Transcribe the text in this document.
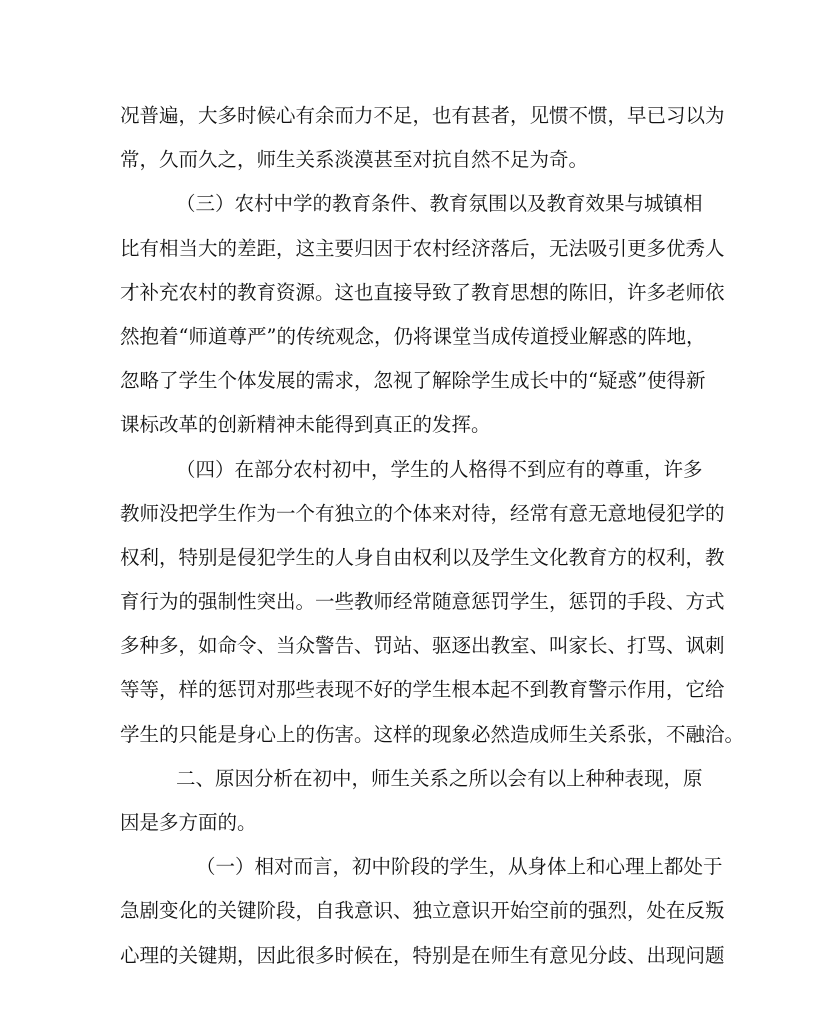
况普遍，大多时候心有余而力不足，也有甚者，见惯不惯，早已习以为
常，久而久之，师生关系淡漠甚至对抗自然不足为奇。
（三）农村中学的教育条件、教育氛围以及教育效果与城镇相
比有相当大的差距，这主要归因于农村经济落后，无法吸引更多优秀人
才补充农村的教育资源。这也直接导致了教育思想的陈旧，许多老师依
然抱着“师道尊严”的传统观念，仍将课堂当成传道授业解惑的阵地，
忽略了学生个体发展的需求，忽视了解除学生成长中的“疑惑”使得新
课标改革的创新精神未能得到真正的发挥。
（四）在部分农村初中，学生的人格得不到应有的尊重，许多
教师没把学生作为一个有独立的个体来对待，经常有意无意地侵犯学的
权利，特别是侵犯学生的人身自由权利以及学生文化教育方的权利，教
育行为的强制性突出。一些教师经常随意惩罚学生，惩罚的手段、方式
多种多，如命令、当众警告、罚站、驱逐出教室、叫家长、打骂、讽刺
等等，样的惩罚对那些表现不好的学生根本起不到教育警示作用，它给
学生的只能是身心上的伤害。这样的现象必然造成师生关系张，不融洽。
二、原因分析在初中，师生关系之所以会有以上种种表现，原
因是多方面的。
（一）相对而言，初中阶段的学生，从身体上和心理上都处于
急剧变化的关键阶段，自我意识、独立意识开始空前的强烈，处在反叛
心理的关键期，因此很多时候在，特别是在师生有意见分歧、出现问题
